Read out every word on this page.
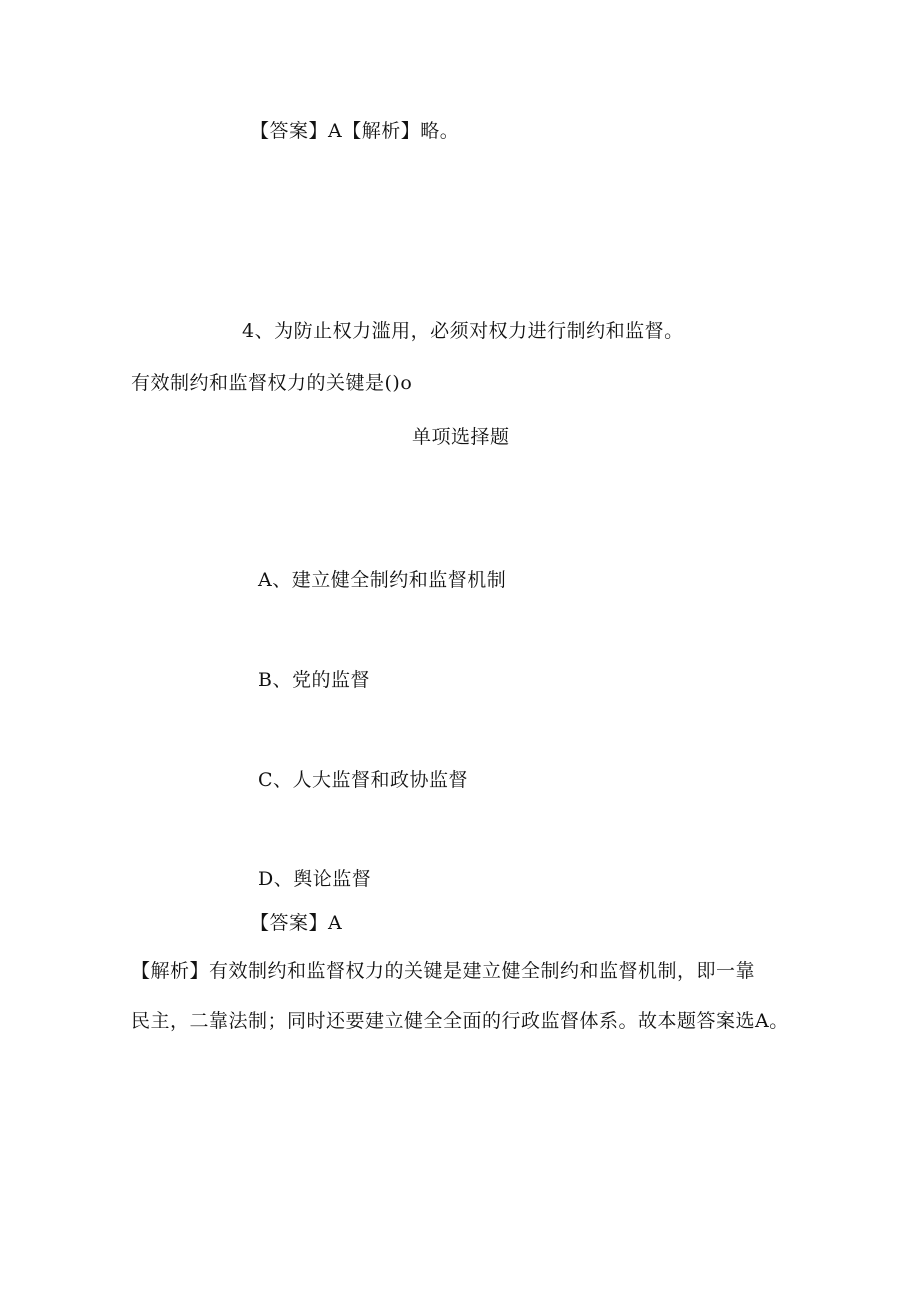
【答案】A【解析】略。
4、为防止权力滥用，必须对权力进行制约和监督。
有效制约和监督权力的关键是()o
单项选择题
A、建立健全制约和监督机制
B、党的监督
C、人大监督和政协监督
D、舆论监督
【答案】A
【解析】有效制约和监督权力的关键是建立健全制约和监督机制，即一靠
民主，二靠法制；同时还要建立健全全面的行政监督体系。故本题答案选A。
